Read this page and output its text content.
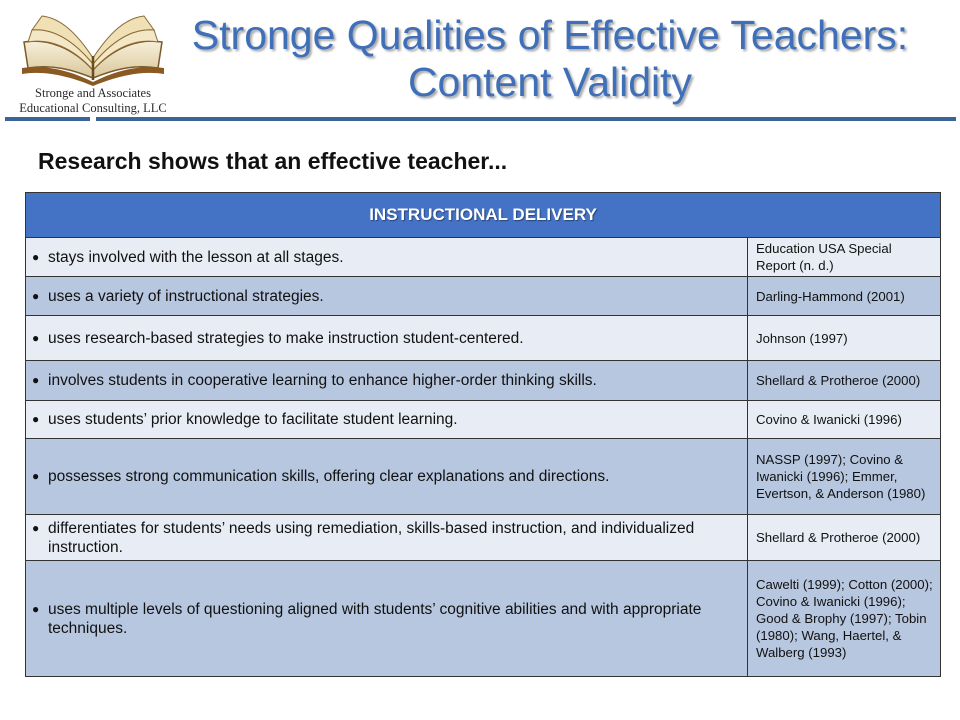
Stronge and Associates
Educational Consulting, LLC
Stronge Qualities of Effective Teachers:
Content Validity
Research shows that an effective teacher...
INSTRUCTIONAL DELIVERY	

● stays involved with the lesson at all stages.	Education USA Special Report (n. d.)

● uses a variety of instructional strategies.	Darling-Hammond (2001)

● uses research-based strategies to make instruction student-centered.	Johnson (1997)

● involves students in cooperative learning to enhance higher-order thinking skills.	Shellard & Protheroe (2000)

● uses students’ prior knowledge to facilitate student learning.	Covino & Iwanicki (1996)

● possesses strong communication skills, offering clear explanations and directions.	NASSP (1997); Covino & Iwanicki (1996); Emmer, Evertson, & Anderson (1980)

● differentiates for students’ needs using remediation, skills-based instruction, and individualized instruction.	Shellard & Protheroe (2000)

● uses multiple levels of questioning aligned with students’ cognitive abilities and with appropriate techniques.	Cawelti (1999); Cotton (2000); Covino & Iwanicki (1996); Good & Brophy (1997); Tobin (1980); Wang, Haertel, & Walberg (1993)
